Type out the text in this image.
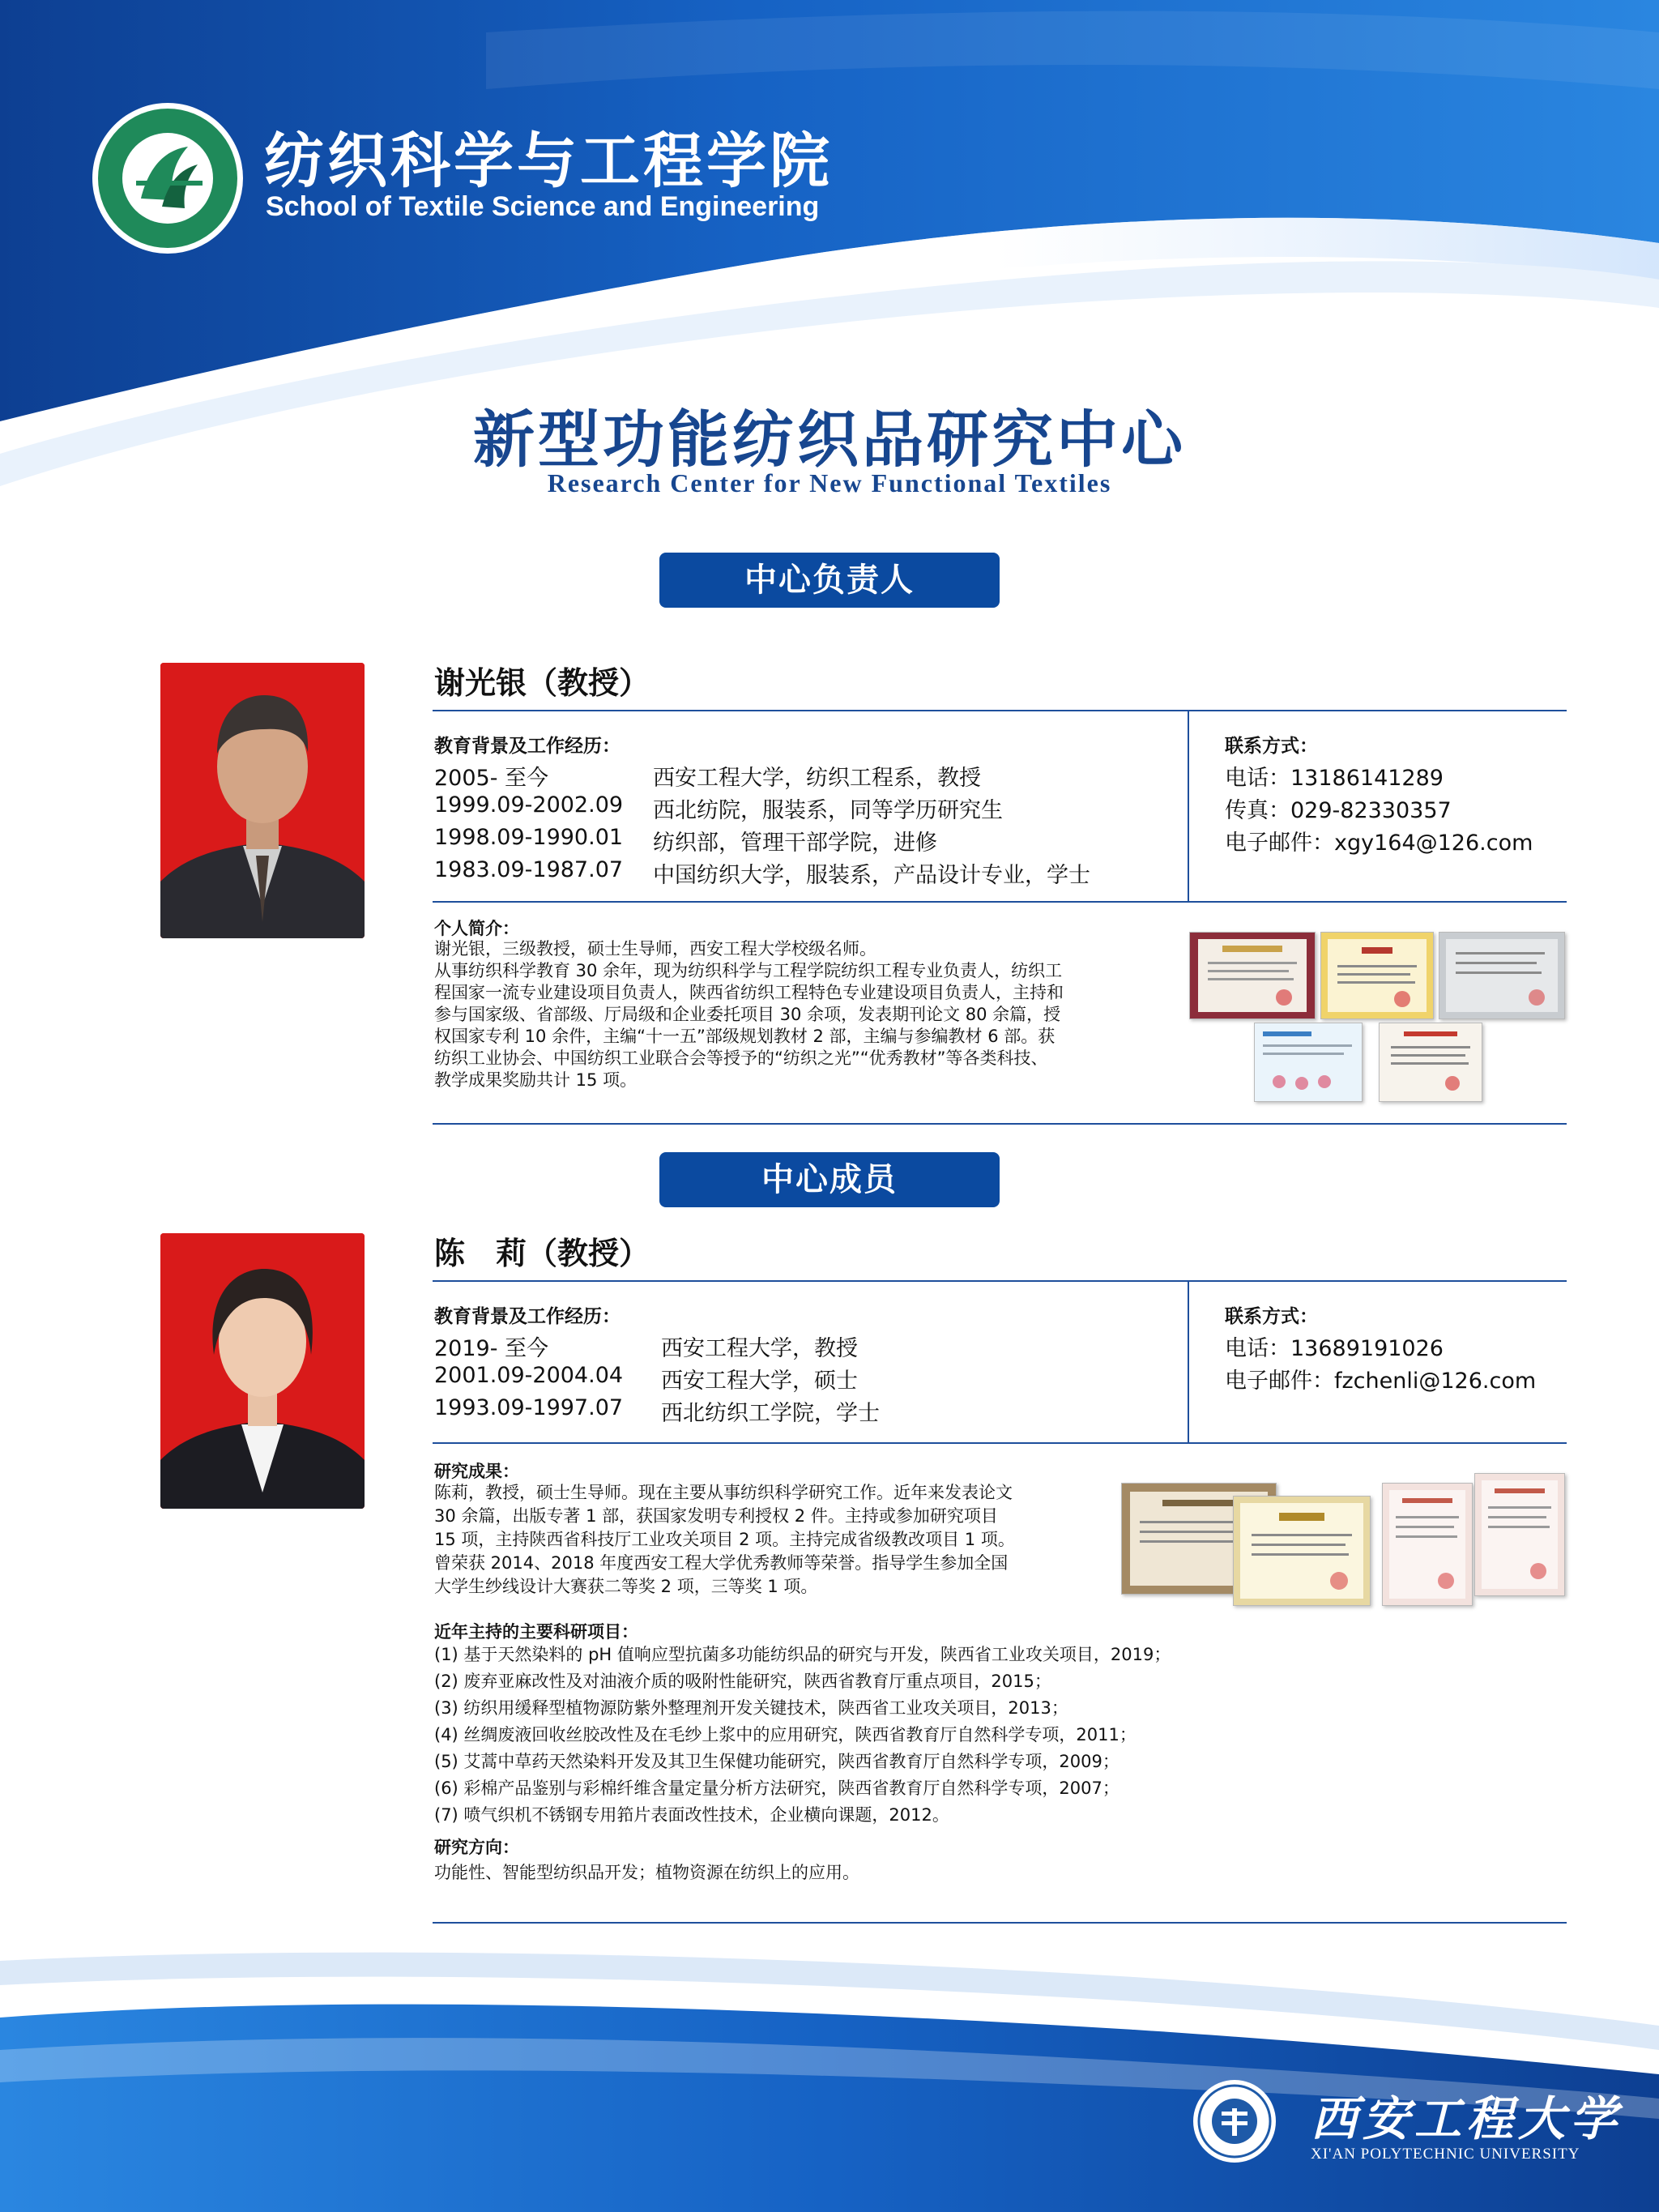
纺织科学与工程学院
School of Textile Science and Engineering
新型功能纺织品研究中心
Research Center for New Functional Textiles
中心负责人
谢光银（教授）
教育背景及工作经历：
2005- 至今	西安工程大学，纺织工程系，教授
1999.09-2002.09 西北纺院，服装系，同等学历研究生
1998.09-1990.01 纺织部，管理干部学院，进修
1983.09-1987.07 中国纺织大学，服装系，产品设计专业，学士
联系方式：
电话：13186141289
传真：029-82330357
电子邮件：xgy164@126.com
个人简介：
谢光银，三级教授，硕士生导师，西安工程大学校级名师。
从事纺织科学教育 30 余年，现为纺织科学与工程学院纺织工程专业负责人，纺织工
程国家一流专业建设项目负责人，陕西省纺织工程特色专业建设项目负责人，主持和
参与国家级、省部级、厅局级和企业委托项目 30 余项，发表期刊论文 80 余篇，授
权国家专利 10 余件，主编“十一五”部级规划教材 2 部，主编与参编教材 6 部。获
纺织工业协会、中国纺织工业联合会等授予的“纺织之光”“优秀教材”等各类科技、
教学成果奖励共计 15 项。
中心成员
陈　莉（教授）
教育背景及工作经历：
2019- 至今	西安工程大学，教授
2001.09-2004.04 西安工程大学，硕士
1993.09-1997.07 西北纺织工学院，学士
联系方式：
电话：13689191026
电子邮件：fzchenli@126.com
研究成果：
陈莉，教授，硕士生导师。现在主要从事纺织科学研究工作。近年来发表论文
30 余篇，出版专著 1 部，获国家发明专利授权 2 件。主持或参加研究项目
15 项，主持陕西省科技厅工业攻关项目 2 项。主持完成省级教改项目 1 项。
曾荣获 2014、2018 年度西安工程大学优秀教师等荣誉。指导学生参加全国
大学生纱线设计大赛获二等奖 2 项，三等奖 1 项。
近年主持的主要科研项目：
(1) 基于天然染料的 pH 值响应型抗菌多功能纺织品的研究与开发，陕西省工业攻关项目，2019；
(2) 废弃亚麻改性及对油液介质的吸附性能研究，陕西省教育厅重点项目，2015；
(3) 纺织用缓释型植物源防紫外整理剂开发关键技术，陕西省工业攻关项目，2013；
(4) 丝绸废液回收丝胶改性及在毛纱上浆中的应用研究，陕西省教育厅自然科学专项，2011；
(5) 艾蒿中草药天然染料开发及其卫生保健功能研究，陕西省教育厅自然科学专项，2009；
(6) 彩棉产品鉴别与彩棉纤维含量定量分析方法研究，陕西省教育厅自然科学专项，2007；
(7) 喷气织机不锈钢专用筘片表面改性技术，企业横向课题，2012。
研究方向：
功能性、智能型纺织品开发；植物资源在纺织上的应用。
西安工程大学
XI'AN POLYTECHNIC UNIVERSITY
